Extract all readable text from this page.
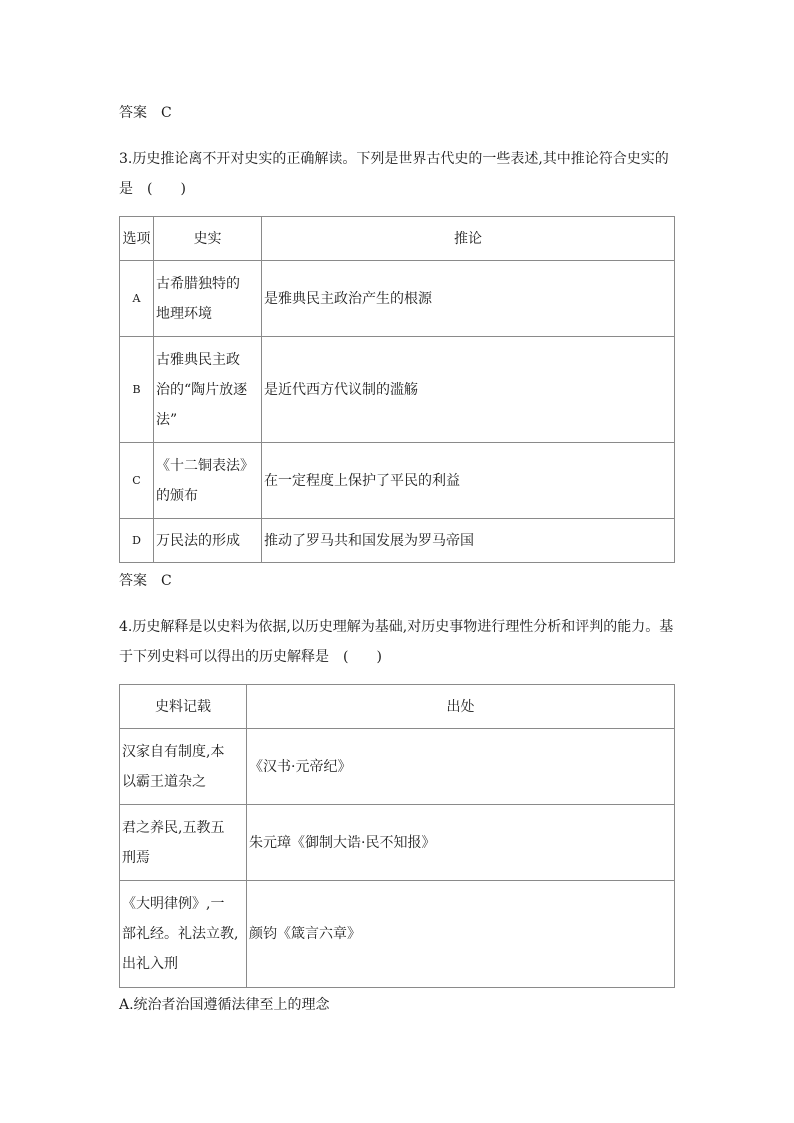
答案 C
3.历史推论离不开对史实的正确解读。下列是世界古代史的一些表述,其中推论符合史实的
是　(　　)
选项	史实	推论
A	古希腊独特的
地理环境	是雅典民主政治产生的根源
B	古雅典民主政
治的“陶片放逐
法”	是近代西方代议制的滥觞
C	《十二铜表法》
的颁布	在一定程度上保护了平民的利益
D	万民法的形成	推动了罗马共和国发展为罗马帝国
答案 C
4.历史解释是以史料为依据,以历史理解为基础,对历史事物进行理性分析和评判的能力。基
于下列史料可以得出的历史解释是　(　　)
史料记载	出处

汉家自有制度,本
以霸王道杂之	《汉书·元帝纪》

君之养民,五教五
刑焉	朱元璋《御制大诰·民不知报》

《大明律例》,一
部礼经。礼法立教,
出礼入刑	颜钧《箴言六章》
A.统治者治国遵循法律至上的理念
